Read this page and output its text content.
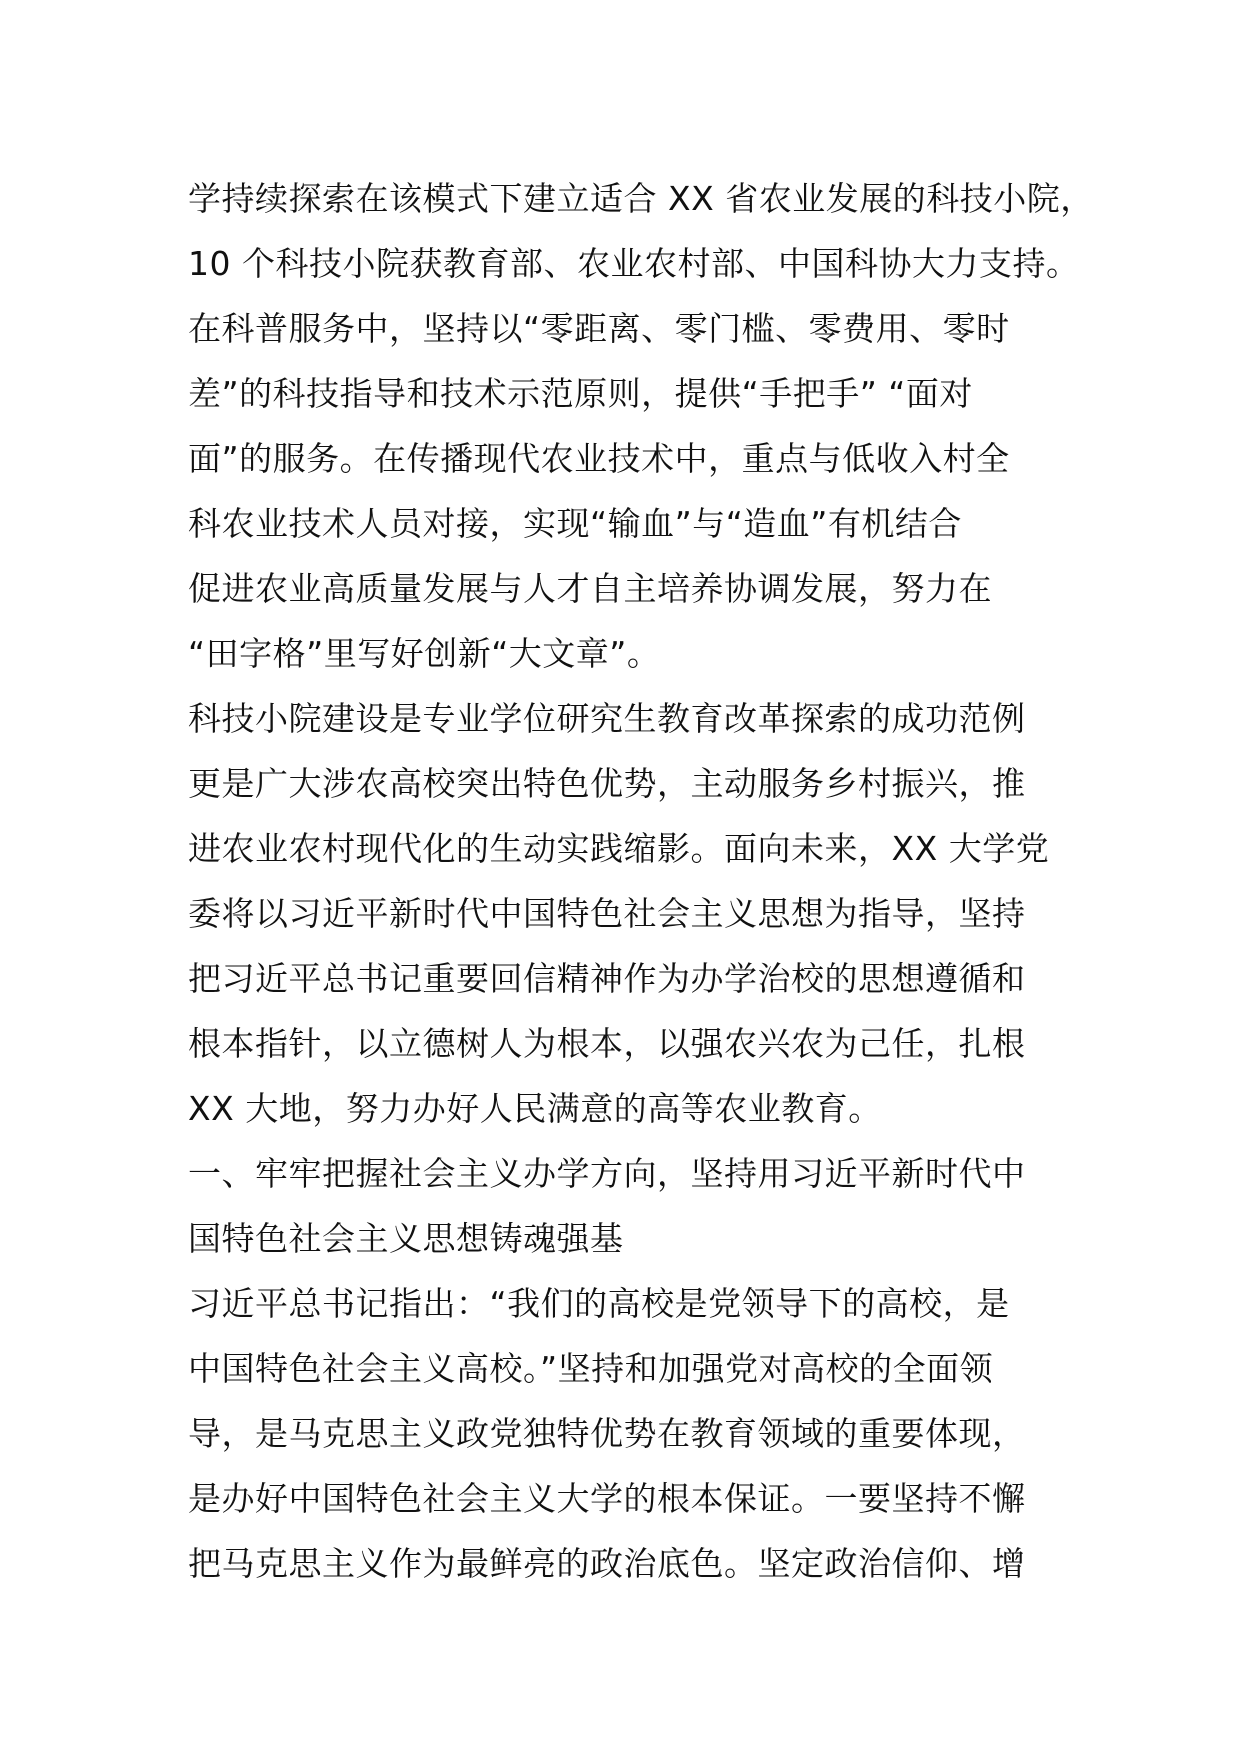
学持续探索在该模式下建立适合 XX 省农业发展的科技小院，
10 个科技小院获教育部、农业农村部、中国科协大力支持。
在科普服务中，坚持以“零距离、零门槛、零费用、零时
差”的科技指导和技术示范原则，提供“手把手” “面对
面”的服务。在传播现代农业技术中，重点与低收入村全
科农业技术人员对接，实现“输血”与“造血”有机结合
促进农业高质量发展与人才自主培养协调发展，努力在
“田字格”里写好创新“大文章”。
科技小院建设是专业学位研究生教育改革探索的成功范例
更是广大涉农高校突出特色优势，主动服务乡村振兴，推
进农业农村现代化的生动实践缩影。面向未来，XX 大学党
委将以习近平新时代中国特色社会主义思想为指导，坚持
把习近平总书记重要回信精神作为办学治校的思想遵循和
根本指针，以立德树人为根本，以强农兴农为己任，扎根
XX 大地，努力办好人民满意的高等农业教育。
一、牢牢把握社会主义办学方向，坚持用习近平新时代中
国特色社会主义思想铸魂强基
习近平总书记指出：“我们的高校是党领导下的高校，是
中国特色社会主义高校。”坚持和加强党对高校的全面领
导，是马克思主义政党独特优势在教育领域的重要体现，
是办好中国特色社会主义大学的根本保证。一要坚持不懈
把马克思主义作为最鲜亮的政治底色。坚定政治信仰、增
